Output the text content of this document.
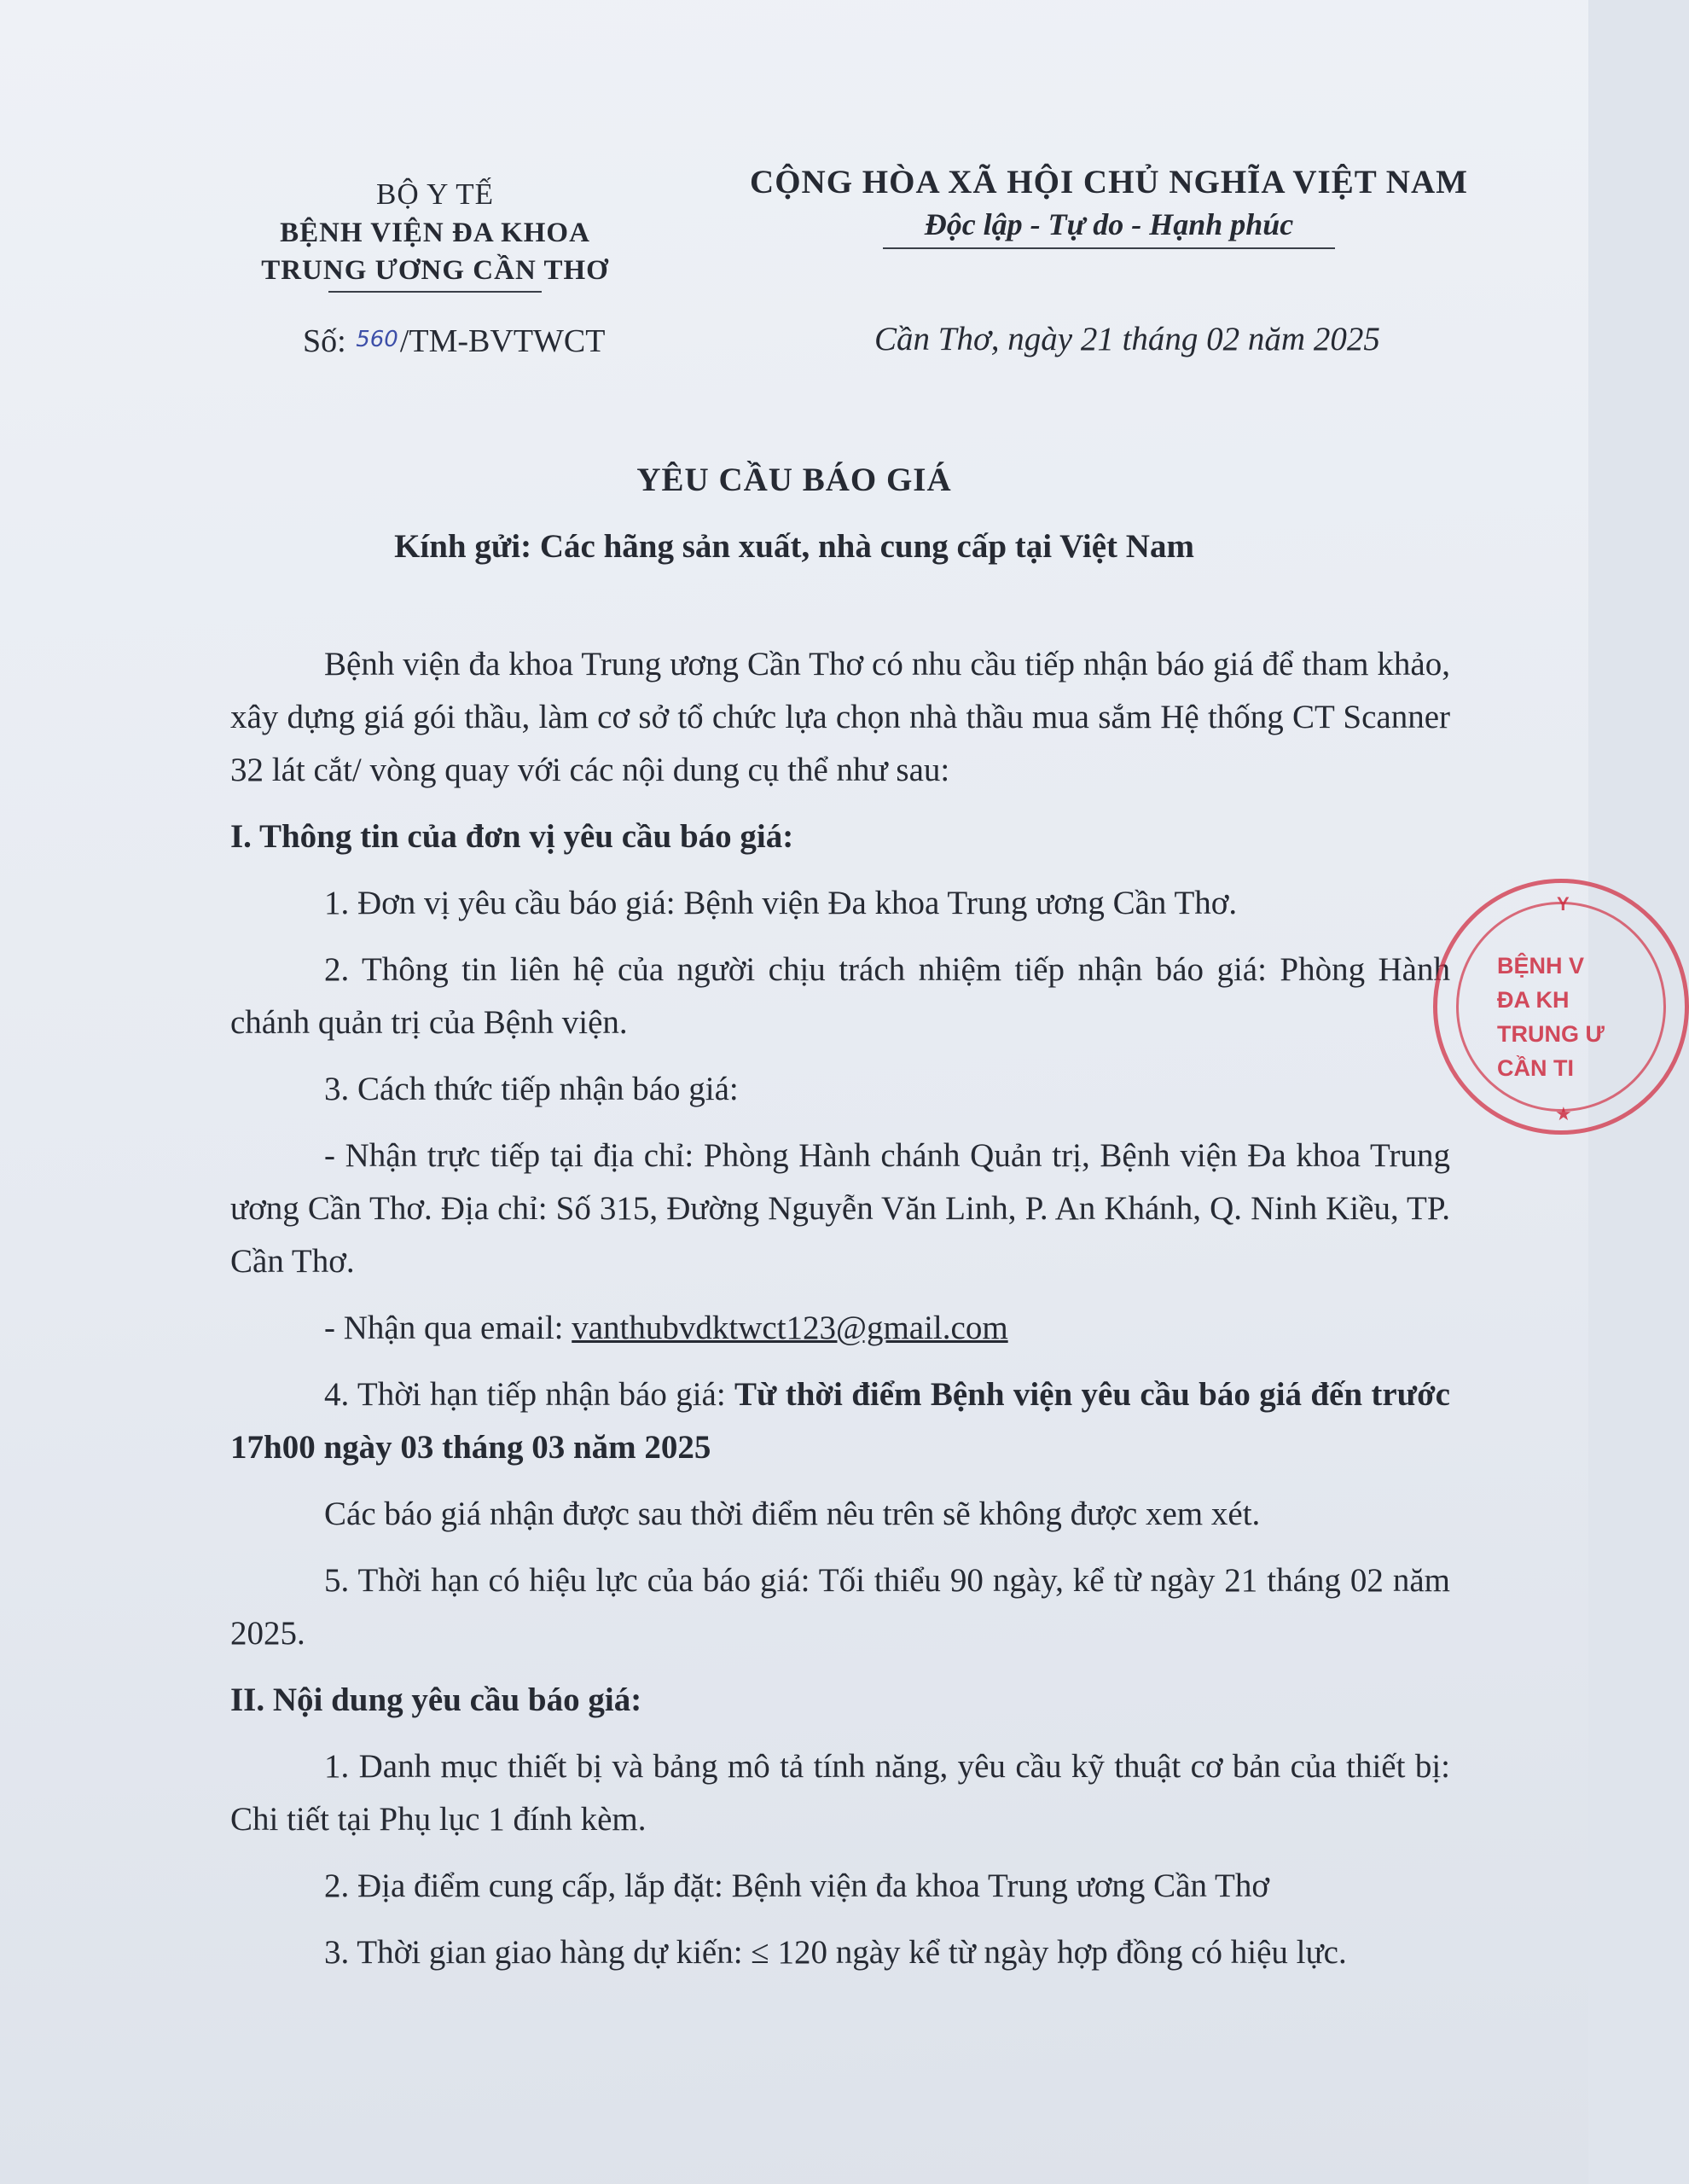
BỘ Y TẾ
BỆNH VIỆN ĐA KHOA
TRUNG ƯƠNG CẦN THƠ
CỘNG HÒA XÃ HỘI CHỦ NGHĨA VIỆT NAM
Độc lập - Tự do - Hạnh phúc
Số: 560/TM-BVTWCT	Cần Thơ, ngày 21 tháng 02 năm 2025
YÊU CẦU BÁO GIÁ
Kính gửi: Các hãng sản xuất, nhà cung cấp tại Việt Nam

Bệnh viện đa khoa Trung ương Cần Thơ có nhu cầu tiếp nhận báo giá để tham khảo, xây dựng giá gói thầu, làm cơ sở tổ chức lựa chọn nhà thầu mua sắm Hệ thống CT Scanner 32 lát cắt/ vòng quay với các nội dung cụ thể như sau:

I. Thông tin của đơn vị yêu cầu báo giá:

1. Đơn vị yêu cầu báo giá: Bệnh viện Đa khoa Trung ương Cần Thơ.

2. Thông tin liên hệ của người chịu trách nhiệm tiếp nhận báo giá: Phòng Hành chánh quản trị của Bệnh viện.

3. Cách thức tiếp nhận báo giá:

- Nhận trực tiếp tại địa chỉ: Phòng Hành chánh Quản trị, Bệnh viện Đa khoa Trung ương Cần Thơ. Địa chỉ: Số 315, Đường Nguyễn Văn Linh, P. An Khánh, Q. Ninh Kiều, TP. Cần Thơ.

- Nhận qua email: vanthubvdktwct123@gmail.com

4. Thời hạn tiếp nhận báo giá: Từ thời điểm Bệnh viện yêu cầu báo giá đến trước 17h00 ngày 03 tháng 03 năm 2025

Các báo giá nhận được sau thời điểm nêu trên sẽ không được xem xét.

5. Thời hạn có hiệu lực của báo giá: Tối thiểu 90 ngày, kể từ ngày 21 tháng 02 năm 2025.

II. Nội dung yêu cầu báo giá:

1. Danh mục thiết bị và bảng mô tả tính năng, yêu cầu kỹ thuật cơ bản của thiết bị: Chi tiết tại Phụ lục 1 đính kèm.

2. Địa điểm cung cấp, lắp đặt: Bệnh viện đa khoa Trung ương Cần Thơ

3. Thời gian giao hàng dự kiến: ≤ 120 ngày kể từ ngày hợp đồng có hiệu lực.

Y
BỆNH V
ĐA KH
TRUNG Ư
CẦN TI
★
